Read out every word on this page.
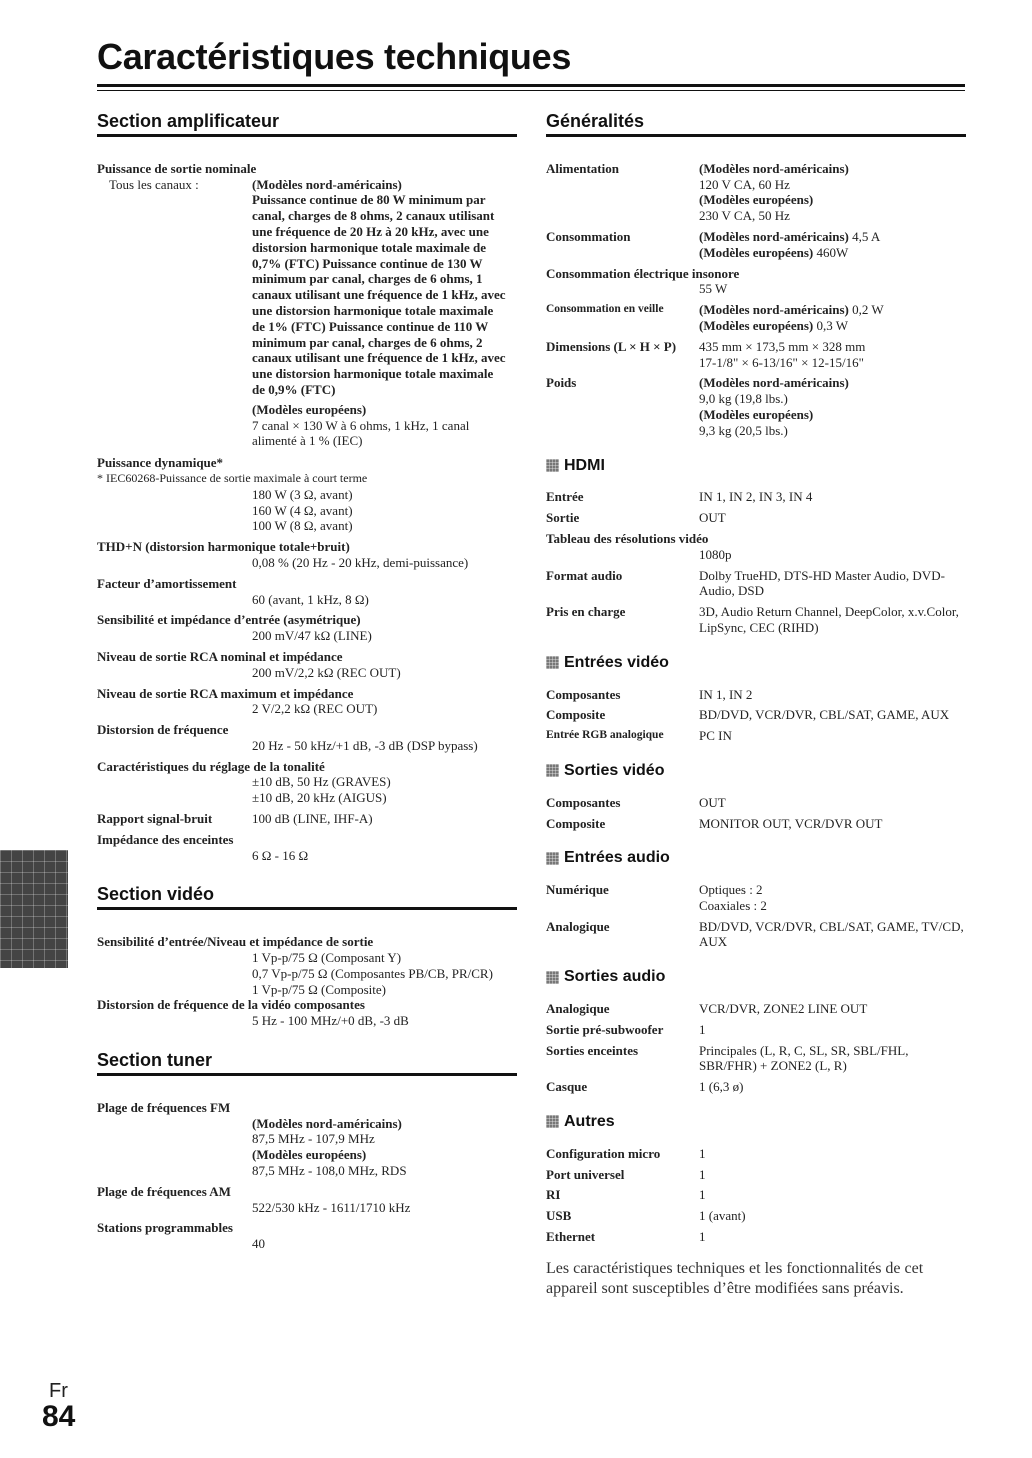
Caractéristiques techniques
Fr
84
Section amplificateur
Puissance de sortie nominale
Tous les canaux :	(Modèles nord-américains)
Puissance continue de 80 W minimum par canal, charges de 8 ohms, 2 canaux utilisant une fréquence de 20 Hz à 20 kHz, avec une distorsion harmonique totale maximale de 0,7% (FTC) Puissance continue de 130 W minimum par canal, charges de 6 ohms, 1 canaux utilisant une fréquence de 1 kHz, avec une distorsion harmonique totale maximale de 1% (FTC) Puissance continue de 110 W minimum par canal, charges de 6 ohms, 2 canaux utilisant une fréquence de 1 kHz, avec une distorsion harmonique totale maximale de 0,9% (FTC)
(Modèles européens)
7 canal × 130 W à 6 ohms, 1 kHz, 1 canal alimenté à 1 % (IEC)
Puissance dynamique*
* IEC60268-Puissance de sortie maximale à court terme
180 W (3 Ω, avant)
160 W (4 Ω, avant)
100 W (8 Ω, avant)
THD+N (distorsion harmonique totale+bruit)
0,08 % (20 Hz - 20 kHz, demi-puissance)
Facteur d’amortissement
60 (avant, 1 kHz, 8 Ω)
Sensibilité et impédance d’entrée (asymétrique)
200 mV/47 kΩ (LINE)
Niveau de sortie RCA nominal et impédance
200 mV/2,2 kΩ (REC OUT)
Niveau de sortie RCA maximum et impédance
2 V/2,2 kΩ (REC OUT)
Distorsion de fréquence
20 Hz - 50 kHz/+1 dB, -3 dB (DSP bypass)
Caractéristiques du réglage de la tonalité
±10 dB, 50 Hz (GRAVES)
±10 dB, 20 kHz (AIGUS)
Rapport signal-bruit	100 dB (LINE, IHF-A)
Impédance des enceintes
6 Ω - 16 Ω
Section vidéo
Sensibilité d’entrée/Niveau et impédance de sortie
1 Vp-p/75 Ω (Composant Y)
0,7 Vp-p/75 Ω (Composantes PB/CB, PR/CR)
1 Vp-p/75 Ω (Composite)
Distorsion de fréquence de la vidéo composantes
5 Hz - 100 MHz/+0 dB, -3 dB
Section tuner
Plage de fréquences FM
(Modèles nord-américains)
87,5 MHz - 107,9 MHz
(Modèles européens)
87,5 MHz - 108,0 MHz, RDS
Plage de fréquences AM
522/530 kHz - 1611/1710 kHz
Stations programmables
40
Généralités
Alimentation	(Modèles nord-américains)
120 V CA, 60 Hz
(Modèles européens)
230 V CA, 50 Hz
Consommation	(Modèles nord-américains) 4,5 A
(Modèles européens) 460W
Consommation électrique insonore
55 W
Consommation en veille	(Modèles nord-américains) 0,2 W
(Modèles européens) 0,3 W
Dimensions (L × H × P)	435 mm × 173,5 mm × 328 mm
17-1/8" × 6-13/16" × 12-15/16"
Poids	(Modèles nord-américains)
9,0 kg (19,8 lbs.)
(Modèles européens)
9,3 kg (20,5 lbs.)
HDMI
Entrée	IN 1, IN 2, IN 3, IN 4
Sortie	OUT
Tableau des résolutions vidéo
1080p
Format audio	Dolby TrueHD, DTS-HD Master Audio, DVD-Audio, DSD
Pris en charge	3D, Audio Return Channel, DeepColor, x.v.Color, LipSync, CEC (RIHD)
Entrées vidéo
Composantes	IN 1, IN 2
Composite	BD/DVD, VCR/DVR, CBL/SAT, GAME, AUX
Entrée RGB analogique	PC IN
Sorties vidéo
Composantes	OUT
Composite	MONITOR OUT, VCR/DVR OUT
Entrées audio
Numérique	Optiques : 2
Coaxiales : 2
Analogique	BD/DVD, VCR/DVR, CBL/SAT, GAME, TV/CD, AUX
Sorties audio
Analogique	VCR/DVR, ZONE2 LINE OUT
Sortie pré-subwoofer	1
Sorties enceintes	Principales (L, R, C, SL, SR, SBL/FHL, SBR/FHR) + ZONE2 (L, R)
Casque	1 (6,3 ø)
Autres
Configuration micro	1
Port universel	1
RI	1
USB	1 (avant)
Ethernet	1
Les caractéristiques techniques et les fonctionnalités de cet appareil sont susceptibles d’être modifiées sans préavis.
